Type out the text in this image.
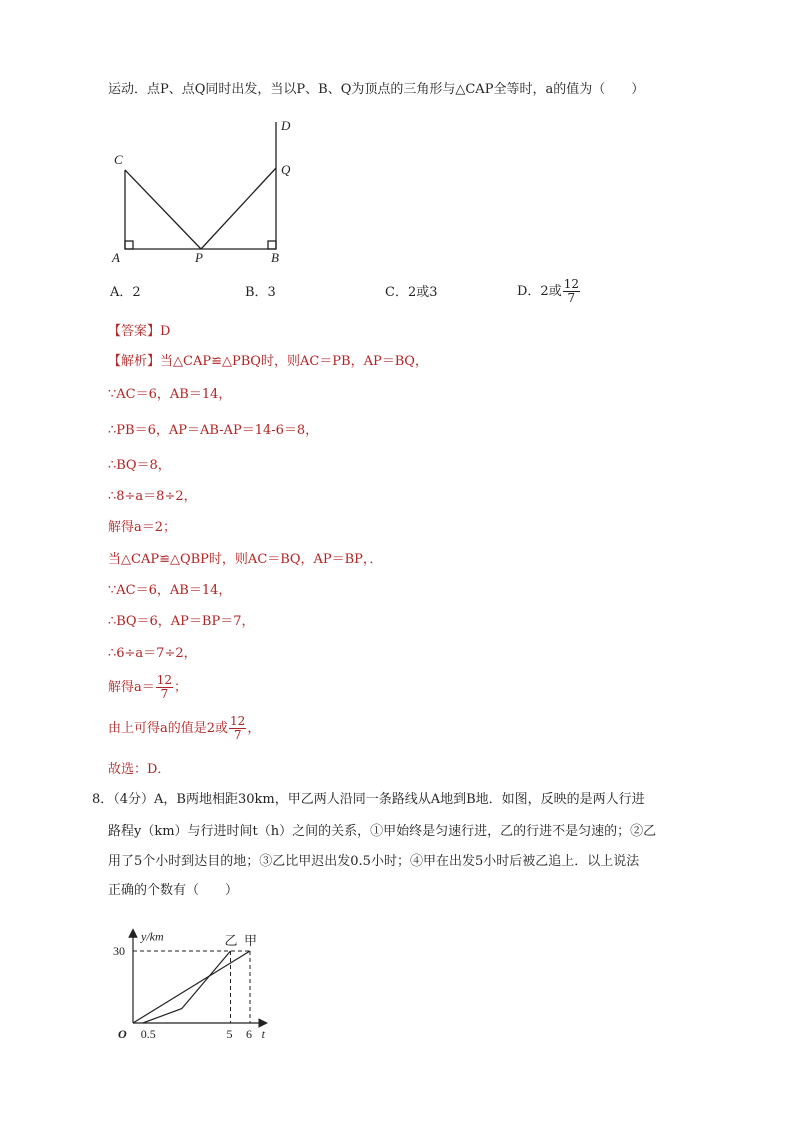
运动．点P、点Q同时出发，当以P、B、Q为顶点的三角形与△CAP全等时，a的值为（　　）
C
D
Q
A	P	B
A．2	B．3	C．2或3	D．2或 $\frac{12}{7}$
【答案】D
【解析】当△CAP≌△PBQ时，则AC＝PB，AP＝BQ，
∵AC＝6，AB＝14，
∴PB＝6，AP＝AB-AP＝14-6＝8，
∴BQ＝8，
∴8÷a＝8÷2，
解得a＝2；
当△CAP≌△QBP时，则AC＝BQ，AP＝BP，．
∵AC＝6，AB＝14，
∴BQ＝6，AP＝BP＝7，
∴6÷a＝7÷2，
解得$a= \frac{12}{7}$ ；
由上可得a的值是2或 $\frac{12}{7}$ ，
故选：D．
8．（4分）A，B两地相距30km，甲乙两人沿同一条路线从A地到B地．如图，反映的是两人行进
路程y（km）与行进时间t（h）之间的关系，①甲始终是匀速行进，乙的行进不是匀速的；②乙
用了5个小时到达目的地；③乙比甲迟出发0.5小时；④甲在出发5小时后被乙追上．以上说法
正确的个数有（　　）
y/km
t
O
30
0.5	5 6
甲
乙
